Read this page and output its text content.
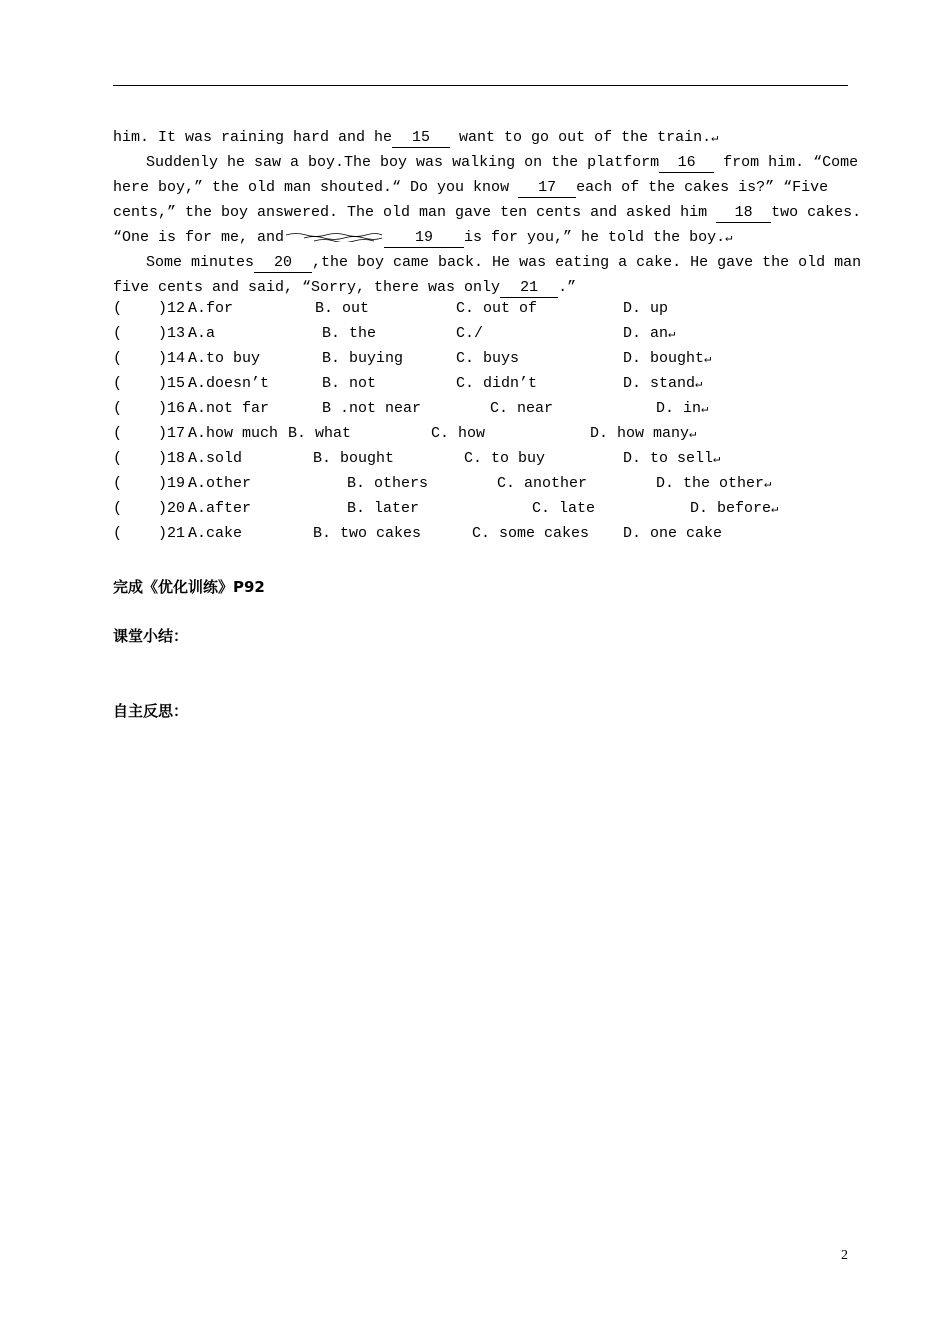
him. It was raining hard and he 15 want to go out of the train.↵
Suddenly he saw a boy.The boy was walking on the platform 16 from him. “Come
here boy,” the old man shouted.“ Do you know 17 each of the cakes is?” “Five
cents,” the boy answered. The old man gave ten cents and asked him 18 two cakes.
“One is for me, and	19 is for you,” he told the boy.↵
Some minutes 20 ,the boy came back. He was eating a cake. He gave the old man
five cents and said, “Sorry, there was only 21 .”
(    )12.
A.for	B. out	C. out of	D. up
(    )13.
A.a	B. the	C./	D. an↵
(    )14.
A.to buy	B. buying	C. buys	D. bought↵
(    )15.
A.doesn’t	B. not	C. didn’t	D. stand↵
(    )16.
A.not far	B .not near	C. near	D. in↵
(    )17.
A.how much B. what	C. how	D. how many↵
(    )18.
A.sold	B. bought	C. to buy	D. to sell↵
(    )19.
A.other	B. others	C. another	D. the other↵
(    )20.
A.after	B. later	C. late	D. before↵
(    )21.
A.cake	B. two cakes	C. some cakes D. one cake
完成《优化训练》P92
课堂小结：
自主反思：
2
